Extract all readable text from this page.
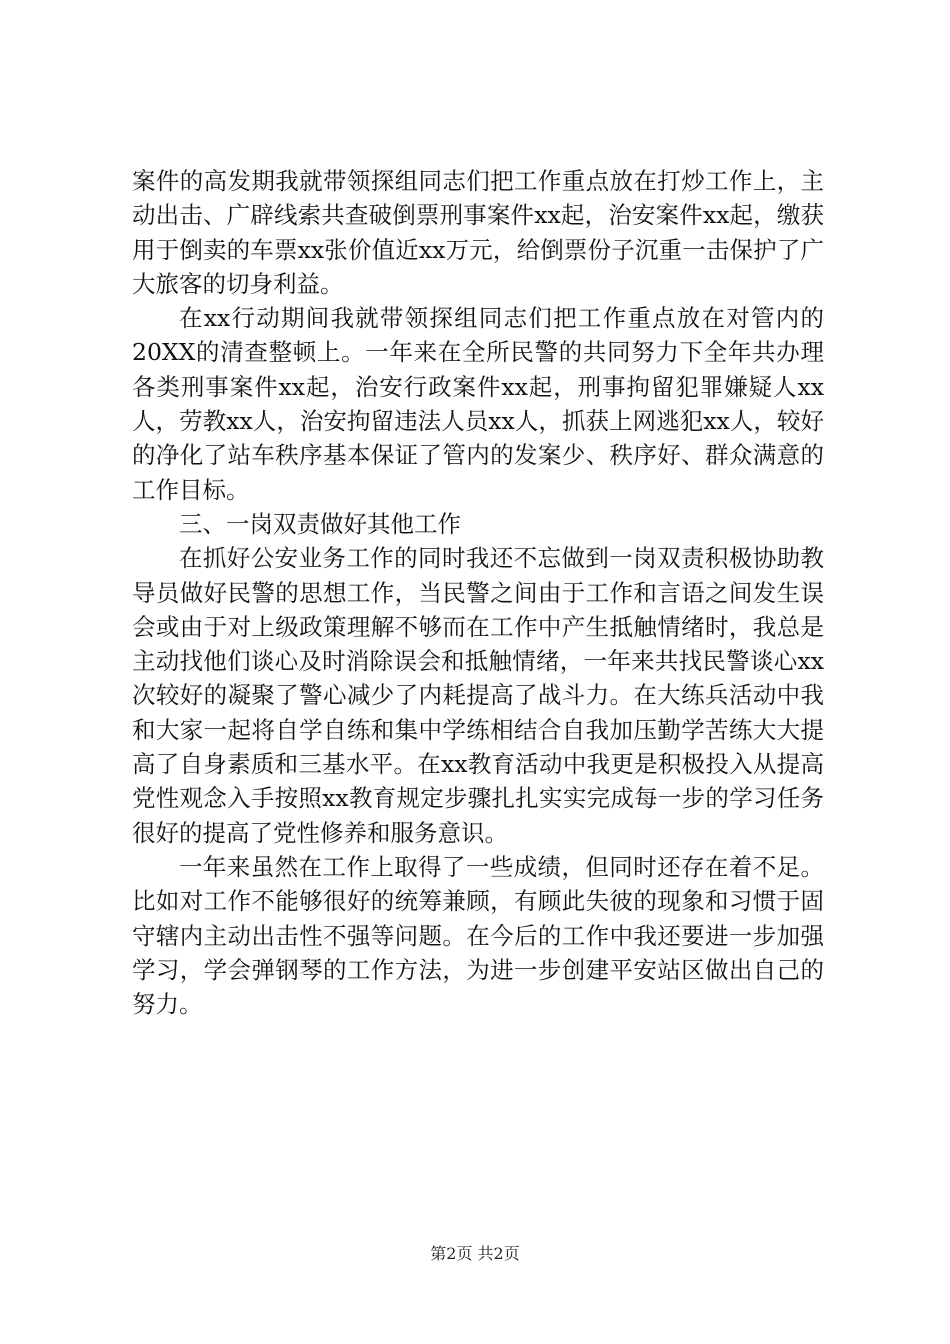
案件的高发期我就带领探组同志们把工作重点放在打炒工作上，主动出击、广辟线索共查破倒票刑事案件xx起，治安案件xx起，缴获用于倒卖的车票xx张价值近xx万元，给倒票份子沉重一击保护了广大旅客的切身利益。

在xx行动期间我就带领探组同志们把工作重点放在对管内的20XX的清查整顿上。一年来在全所民警的共同努力下全年共办理各类刑事案件xx起，治安行政案件xx起，刑事拘留犯罪嫌疑人xx人，劳教xx人，治安拘留违法人员xx人，抓获上网逃犯xx人，较好的净化了站车秩序基本保证了管内的发案少、秩序好、群众满意的工作目标。

三、一岗双责做好其他工作

在抓好公安业务工作的同时我还不忘做到一岗双责积极协助教导员做好民警的思想工作，当民警之间由于工作和言语之间发生误会或由于对上级政策理解不够而在工作中产生抵触情绪时，我总是主动找他们谈心及时消除误会和抵触情绪，一年来共找民警谈心xx次较好的凝聚了警心减少了内耗提高了战斗力。在大练兵活动中我和大家一起将自学自练和集中学练相结合自我加压勤学苦练大大提高了自身素质和三基水平。在xx教育活动中我更是积极投入从提高党性观念入手按照xx教育规定步骤扎扎实实完成每一步的学习任务很好的提高了党性修养和服务意识。

一年来虽然在工作上取得了一些成绩，但同时还存在着不足。比如对工作不能够很好的统筹兼顾，有顾此失彼的现象和习惯于固守辖内主动出击性不强等问题。在今后的工作中我还要进一步加强学习，学会弹钢琴的工作方法，为进一步创建平安站区做出自己的努力。

第2页 共2页
